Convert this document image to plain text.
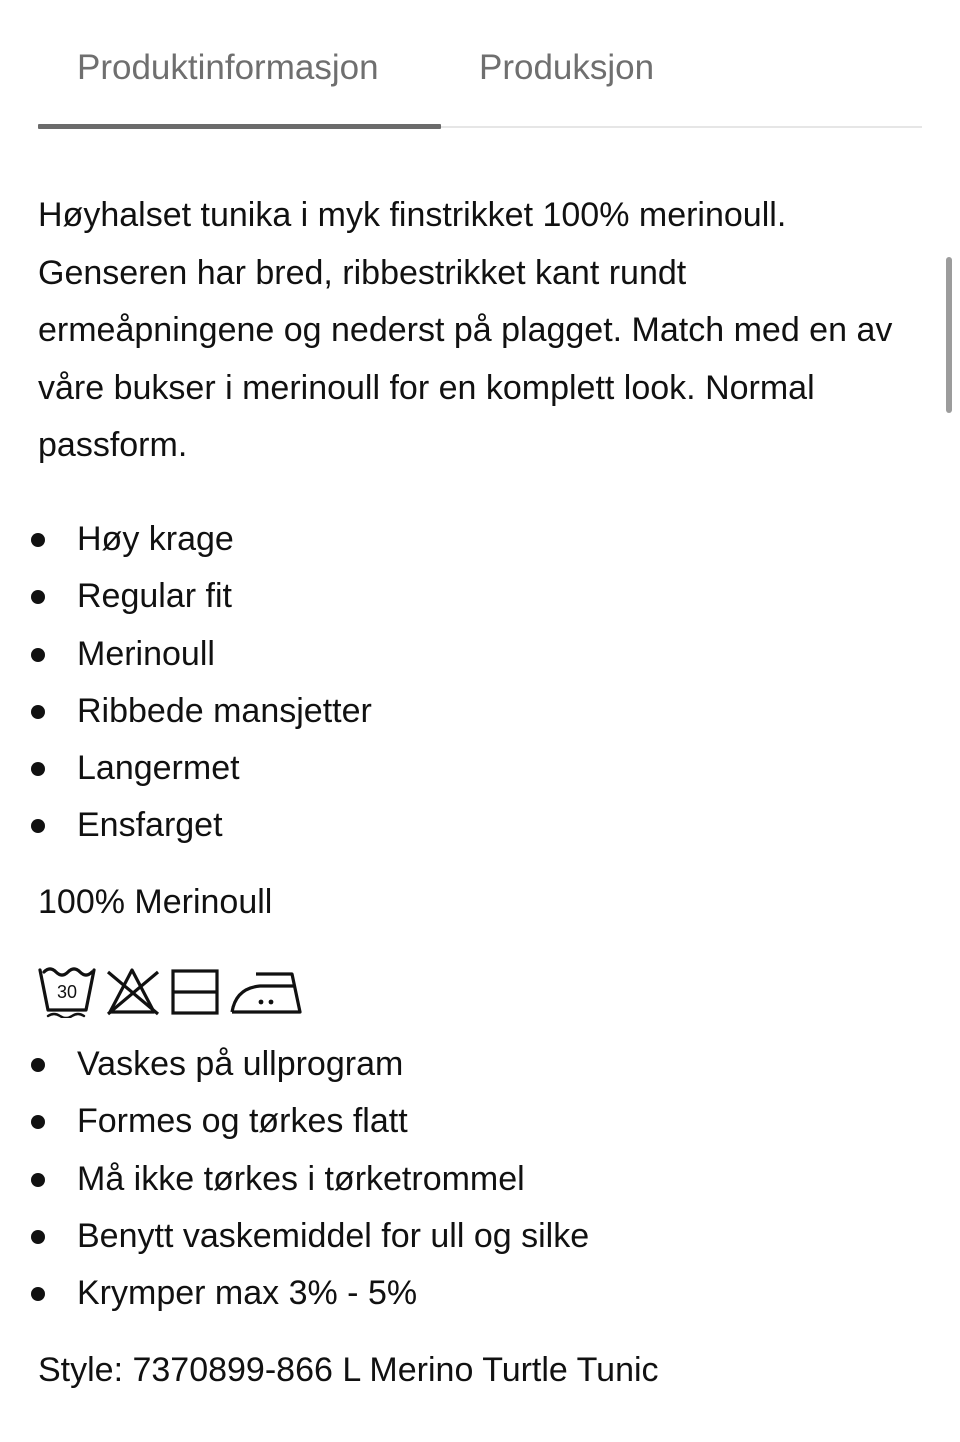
Produktinformasjon	Produksjon

Høyhalset tunika i myk finstrikket 100% merinoull. Genseren har bred, ribbestrikket kant rundt ermeåpningene og nederst på plagget. Match med en av våre bukser i merinoull for en komplett look. Normal passform.

Høy krage
Regular fit
Merinoull
Ribbede mansjetter
Langermet
Ensfarget

100% Merinoull

30
Vaskes på ullprogram
Formes og tørkes flatt
Må ikke tørkes i tørketrommel
Benytt vaskemiddel for ull og silke
Krymper max 3% - 5%

Style: 7370899-866 L Merino Turtle Tunic
